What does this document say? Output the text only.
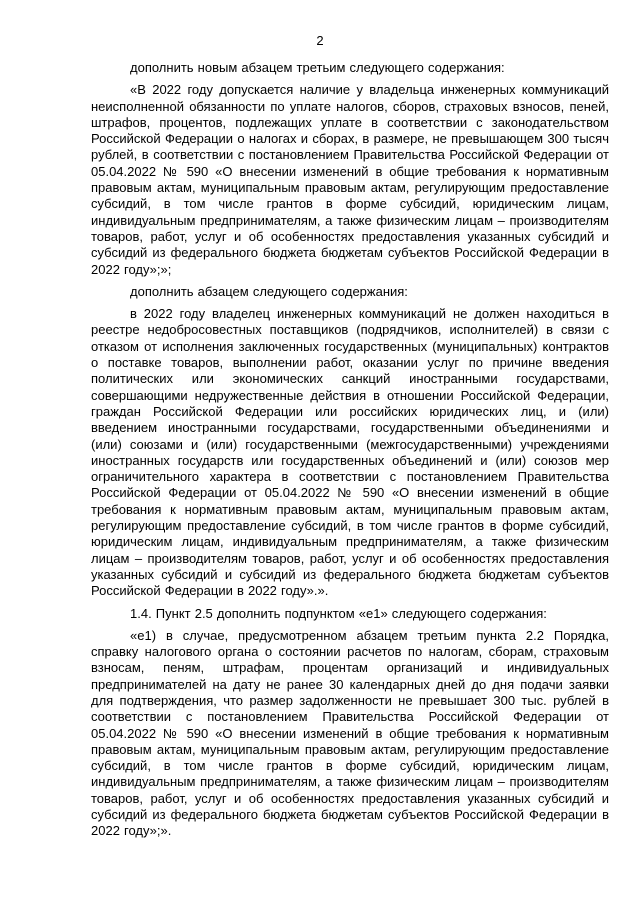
2

дополнить новым абзацем третьим следующего содержания:

«В 2022 году допускается наличие у владельца инженерных коммуникаций неисполненной обязанности по уплате налогов, сборов, страховых взносов, пеней, штрафов, процентов, подлежащих уплате в соответствии с законодательством Российской Федерации о налогах и сборах, в размере, не превышающем 300 тысяч рублей, в соответствии с постановлением Правительства Российской Федерации от 05.04.2022 № 590 «О внесении изменений в общие требования к нормативным правовым актам, муниципальным правовым актам, регулирующим предоставление субсидий, в том числе грантов в форме субсидий, юридическим лицам, индивидуальным предпринимателям, а также физическим лицам – производителям товаров, работ, услуг и об особенностях предоставления указанных субсидий и субсидий из федерального бюджета бюджетам субъектов Российской Федерации в 2022 году»;»;

дополнить абзацем следующего содержания:

в 2022 году владелец инженерных коммуникаций не должен находиться в реестре недобросовестных поставщиков (подрядчиков, исполнителей) в связи с отказом от исполнения заключенных государственных (муниципальных) контрактов о поставке товаров, выполнении работ, оказании услуг по причине введения политических или экономических санкций иностранными государствами, совершающими недружественные действия в отношении Российской Федерации, граждан Российской Федерации или российских юридических лиц, и (или) введением иностранными государствами, государственными объединениями и (или) союзами и (или) государственными (межгосударственными) учреждениями иностранных государств или государственных объединений и (или) союзов мер ограничительного характера в соответствии с постановлением Правительства Российской Федерации от 05.04.2022 № 590 «О внесении изменений в общие требования к нормативным правовым актам, муниципальным правовым актам, регулирующим предоставление субсидий, в том числе грантов в форме субсидий, юридическим лицам, индивидуальным предпринимателям, а также физическим лицам – производителям товаров, работ, услуг и об особенностях предоставления указанных субсидий и субсидий из федерального бюджета бюджетам субъектов Российской Федерации в 2022 году».».

1.4. Пункт 2.5 дополнить подпунктом «е1» следующего содержания:

«е1) в случае, предусмотренном абзацем третьим пункта 2.2 Порядка, справку налогового органа о состоянии расчетов по налогам, сборам, страховым взносам, пеням, штрафам, процентам организаций и индивидуальных предпринимателей на дату не ранее 30 календарных дней до дня подачи заявки для подтверждения, что размер задолженности не превышает 300 тыс. рублей в соответствии с постановлением Правительства Российской Федерации от 05.04.2022 № 590 «О внесении изменений в общие требования к нормативным правовым актам, муниципальным правовым актам, регулирующим предоставление субсидий, в том числе грантов в форме субсидий, юридическим лицам, индивидуальным предпринимателям, а также физическим лицам – производителям товаров, работ, услуг и об особенностях предоставления указанных субсидий и субсидий из федерального бюджета бюджетам субъектов Российской Федерации в 2022 году»;».
